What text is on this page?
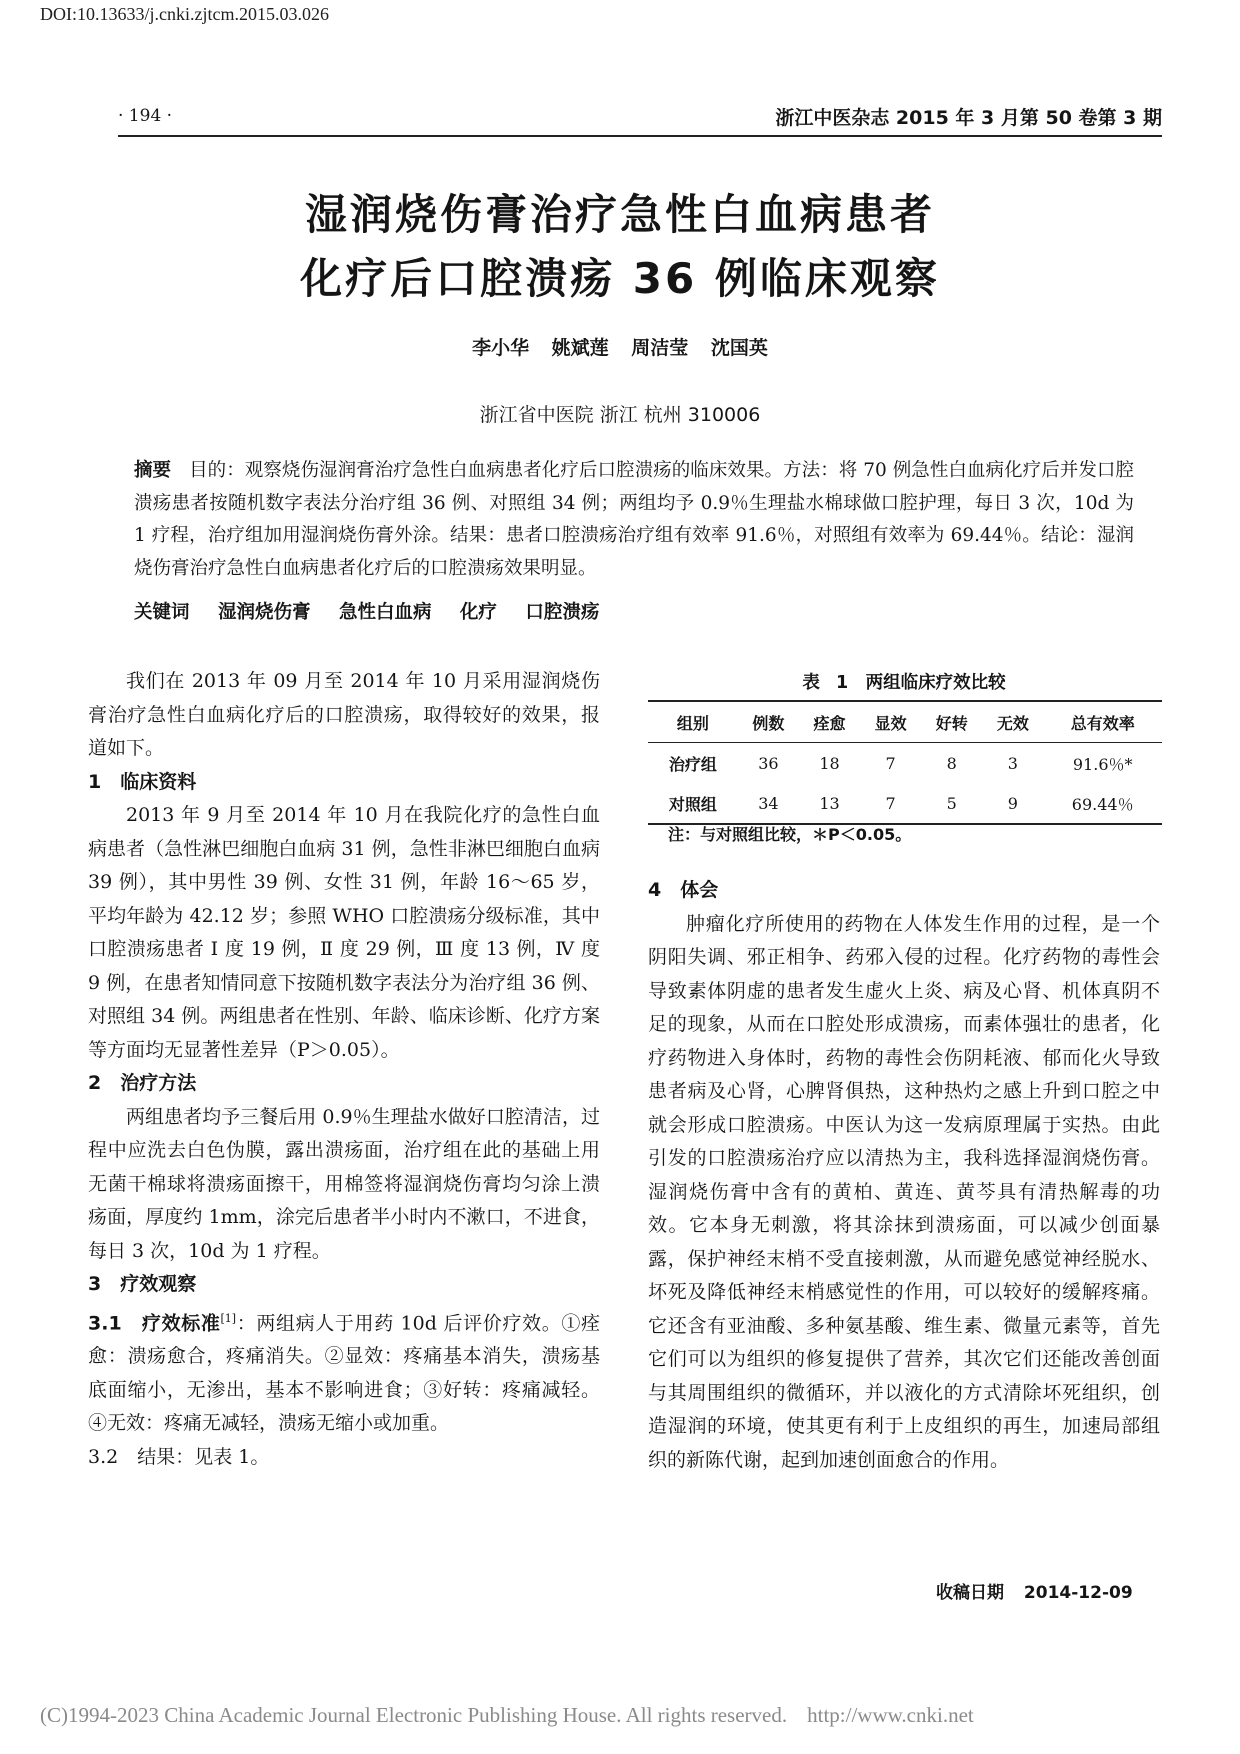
DOI:10.13633/j.cnki.zjtcm.2015.03.026
· 194 ·	浙江中医杂志 2015 年 3 月第 50 卷第 3 期
湿润烧伤膏治疗急性白血病患者
化疗后口腔溃疡 36 例临床观察
李小华 姚斌莲 周洁莹 沈国英
浙江省中医院 浙江 杭州 310006
摘要 目的：观察烧伤湿润膏治疗急性白血病患者化疗后口腔溃疡的临床效果。方法：将 70 例急性白血病化疗后并发口腔溃疡患者按随机数字表法分治疗组 36 例、对照组 34 例；两组均予 0.9％生理盐水棉球做口腔护理，每日 3 次，10d 为 1 疗程，治疗组加用湿润烧伤膏外涂。结果：患者口腔溃疡治疗组有效率 91.6％，对照组有效率为 69.44％。结论：湿润烧伤膏治疗急性白血病患者化疗后的口腔溃疡效果明显。
关键词 湿润烧伤膏 急性白血病 化疗 口腔溃疡

我们在 2013 年 09 月至 2014 年 10 月采用湿润烧伤膏治疗急性白血病化疗后的口腔溃疡，取得较好的效果，报道如下。

1　临床资料

2013 年 9 月至 2014 年 10 月在我院化疗的急性白血病患者（急性淋巴细胞白血病 31 例，急性非淋巴细胞白血病 39 例），其中男性 39 例、女性 31 例，年龄 16～65 岁，平均年龄为 42.12 岁；参照 WHO 口腔溃疡分级标准，其中口腔溃疡患者 Ⅰ 度 19 例，Ⅱ 度 29 例，Ⅲ 度 13 例，Ⅳ 度 9 例，在患者知情同意下按随机数字表法分为治疗组 36 例、对照组 34 例。两组患者在性别、年龄、临床诊断、化疗方案等方面均无显著性差异（P＞0.05）。

2　治疗方法

两组患者均予三餐后用 0.9％生理盐水做好口腔清洁，过程中应洗去白色伪膜，露出溃疡面，治疗组在此的基础上用无菌干棉球将溃疡面擦干，用棉签将湿润烧伤膏均匀涂上溃疡面，厚度约 1mm，涂完后患者半小时内不漱口，不进食，每日 3 次，10d 为 1 疗程。

3　疗效观察

3.1　疗效标准[1]：两组病人于用药 10d 后评价疗效。①痊愈：溃疡愈合，疼痛消失。②显效：疼痛基本消失，溃疡基底面缩小，无渗出，基本不影响进食；③好转：疼痛减轻。④无效：疼痛无减轻，溃疡无缩小或加重。

3.2　结果：见表 1。

表 1　两组临床疗效比较
组别	例数	痊愈	显效	好转	无效	总有效率
治疗组	36	18	7	8	3	91.6％*
对照组	34	13	7	5	9	69.44％
注：与对照组比较，＊P＜0.05。

4　体会

肿瘤化疗所使用的药物在人体发生作用的过程，是一个阴阳失调、邪正相争、药邪入侵的过程。化疗药物的毒性会导致素体阴虚的患者发生虚火上炎、病及心肾、机体真阴不足的现象，从而在口腔处形成溃疡，而素体强壮的患者，化疗药物进入身体时，药物的毒性会伤阴耗液、郁而化火导致患者病及心肾，心脾肾俱热，这种热灼之感上升到口腔之中就会形成口腔溃疡。中医认为这一发病原理属于实热。由此引发的口腔溃疡治疗应以清热为主，我科选择湿润烧伤膏。湿润烧伤膏中含有的黄柏、黄连、黄芩具有清热解毒的功效。它本身无刺激，将其涂抹到溃疡面，可以减少创面暴露，保护神经末梢不受直接刺激，从而避免感觉神经脱水、坏死及降低神经末梢感觉性的作用，可以较好的缓解疼痛。它还含有亚油酸、多种氨基酸、维生素、微量元素等，首先它们可以为组织的修复提供了营养，其次它们还能改善创面与其周围组织的微循环，并以液化的方式清除坏死组织，创造湿润的环境，使其更有利于上皮组织的再生，加速局部组织的新陈代谢，起到加速创面愈合的作用。

收稿日期 2014-12-09
(C)1994-2023 China Academic Journal Electronic Publishing House. All rights reserved. http://www.cnki.net
